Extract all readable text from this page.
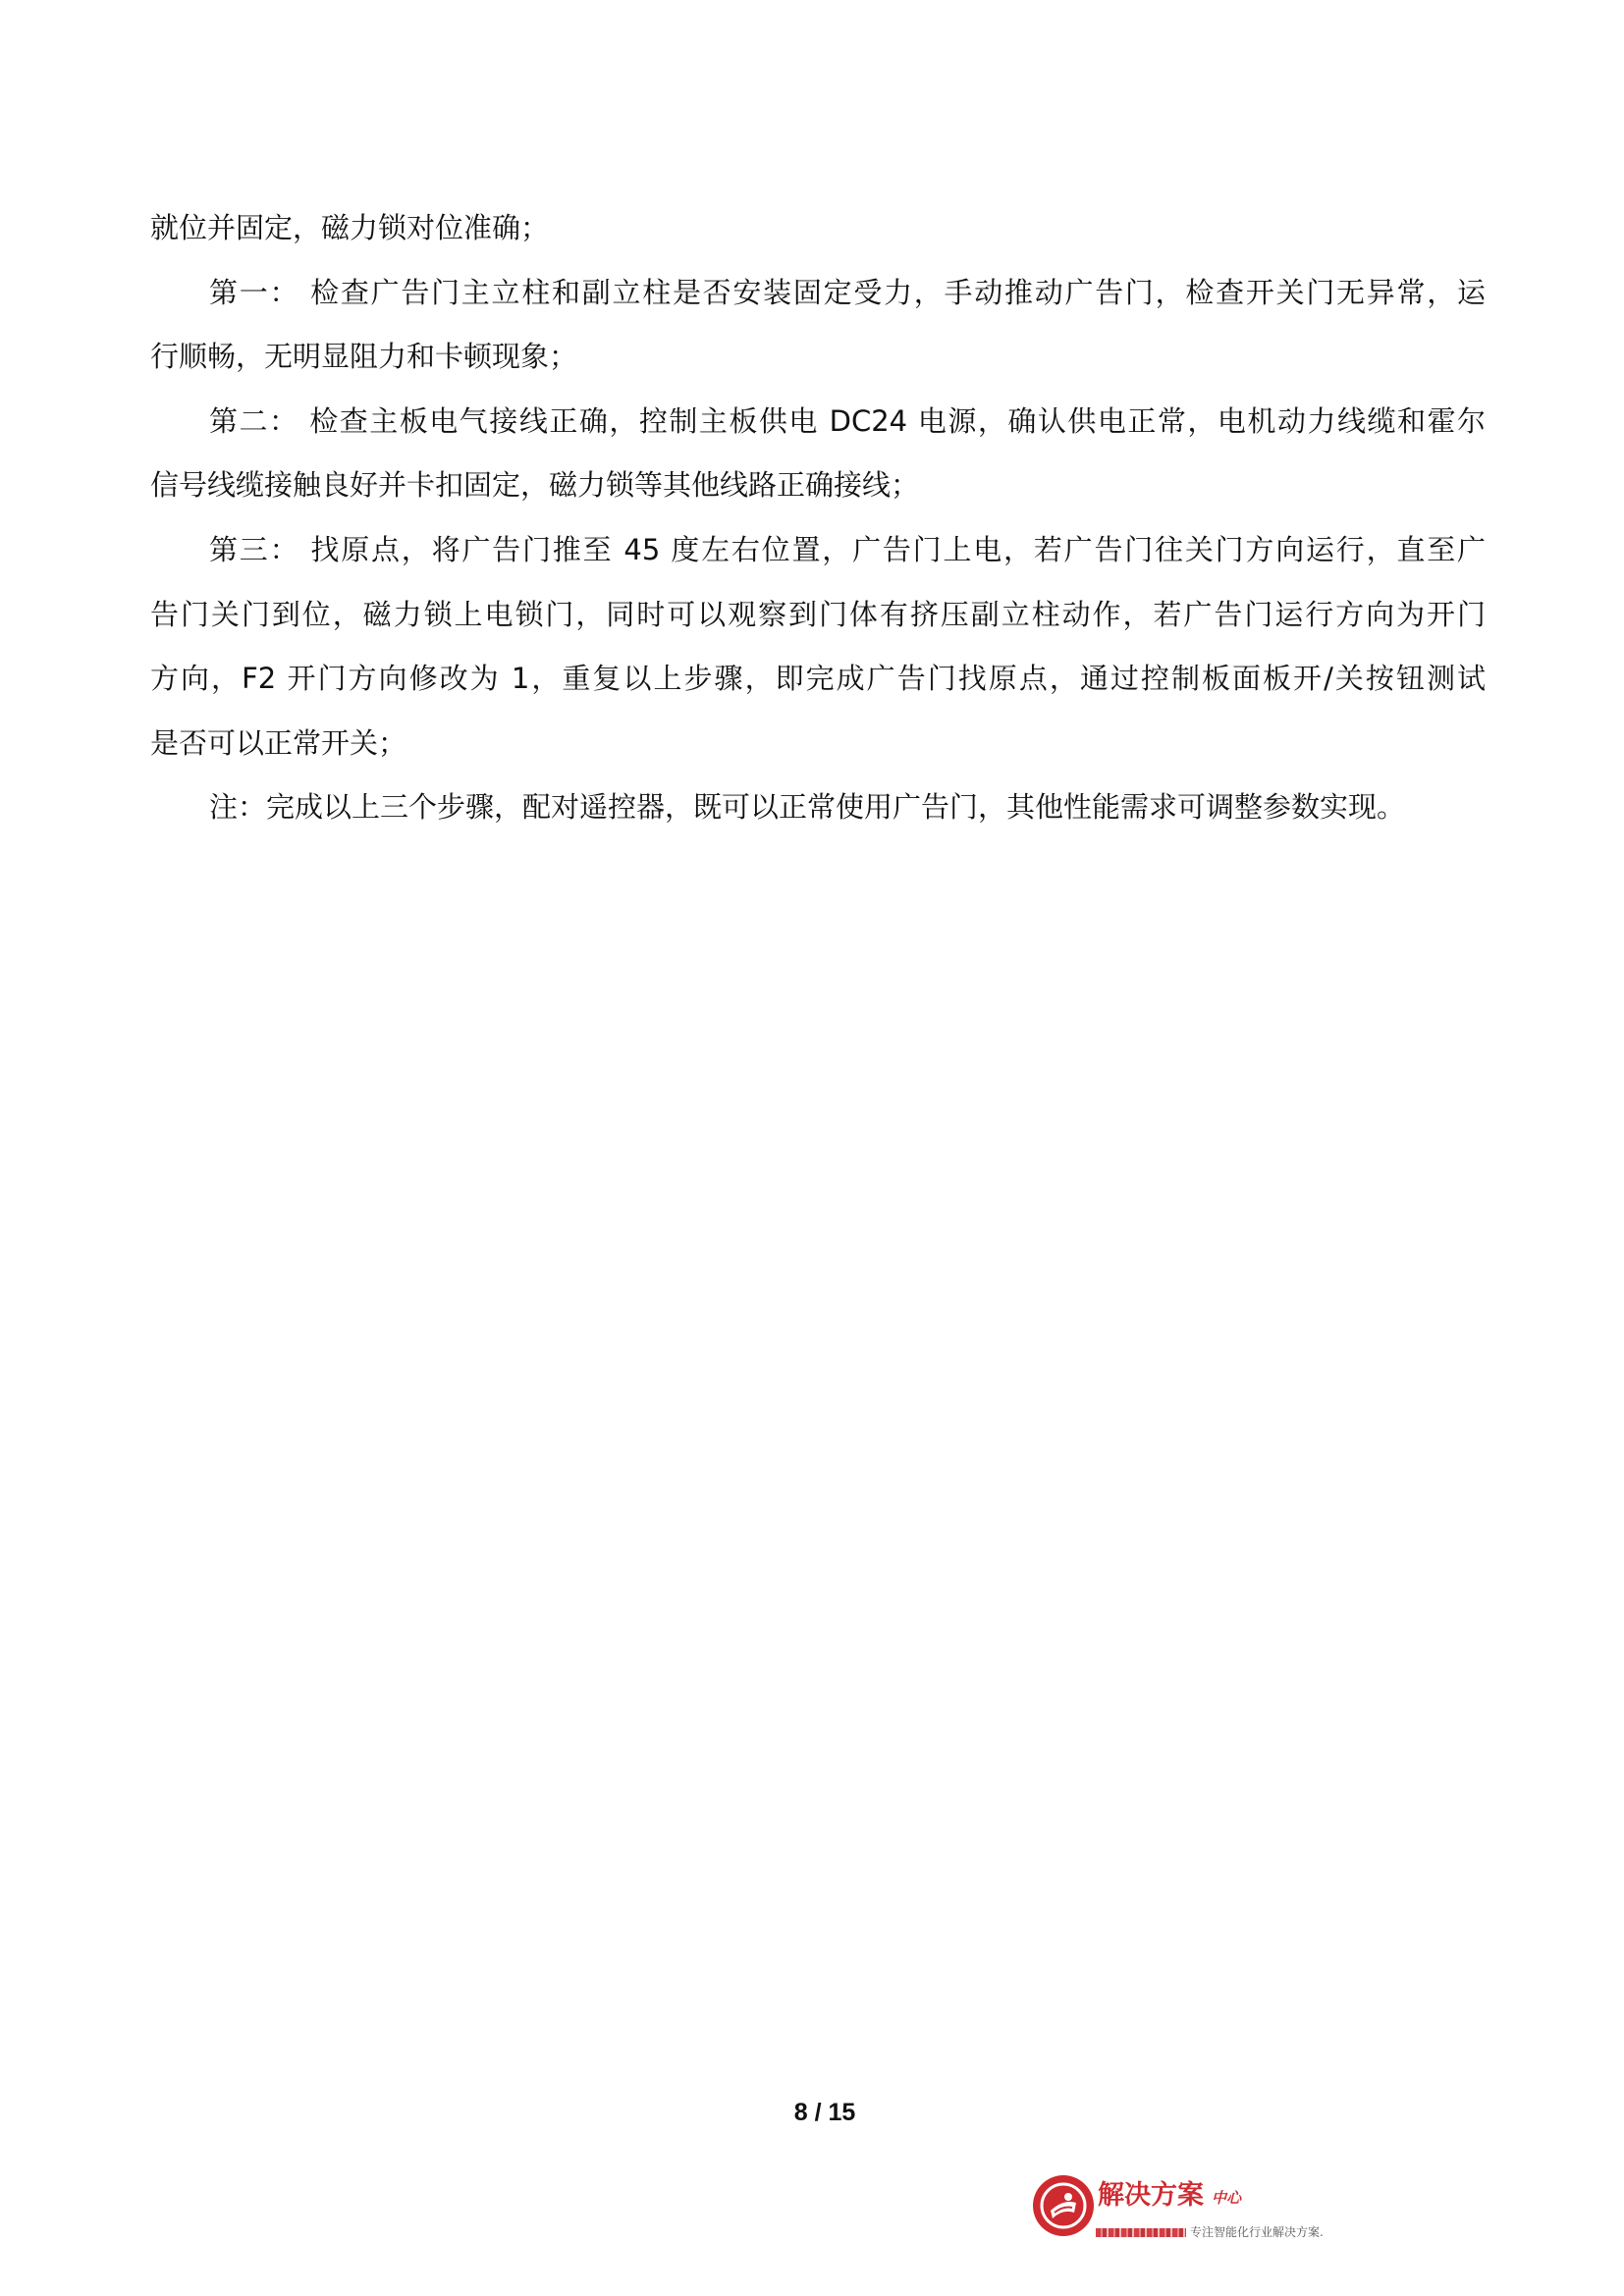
就位并固定，磁力锁对位准确；
第一： 检查广告门主立柱和副立柱是否安装固定受力，手动推动广告门，检查开关门无异常，运
行顺畅，无明显阻力和卡顿现象；
第二： 检查主板电气接线正确，控制主板供电 DC24 电源，确认供电正常，电机动力线缆和霍尔
信号线缆接触良好并卡扣固定，磁力锁等其他线路正确接线；
第三： 找原点，将广告门推至 45 度左右位置，广告门上电，若广告门往关门方向运行，直至广
告门关门到位，磁力锁上电锁门，同时可以观察到门体有挤压副立柱动作，若广告门运行方向为开门
方向，F2 开门方向修改为 1，重复以上步骤，即完成广告门找原点，通过控制板面板开/关按钮测试
是否可以正常开关；
注：完成以上三个步骤，配对遥控器，既可以正常使用广告门，其他性能需求可调整参数实现。
8 / 15
解决方案 中心
专注智能化行业解决方案.
